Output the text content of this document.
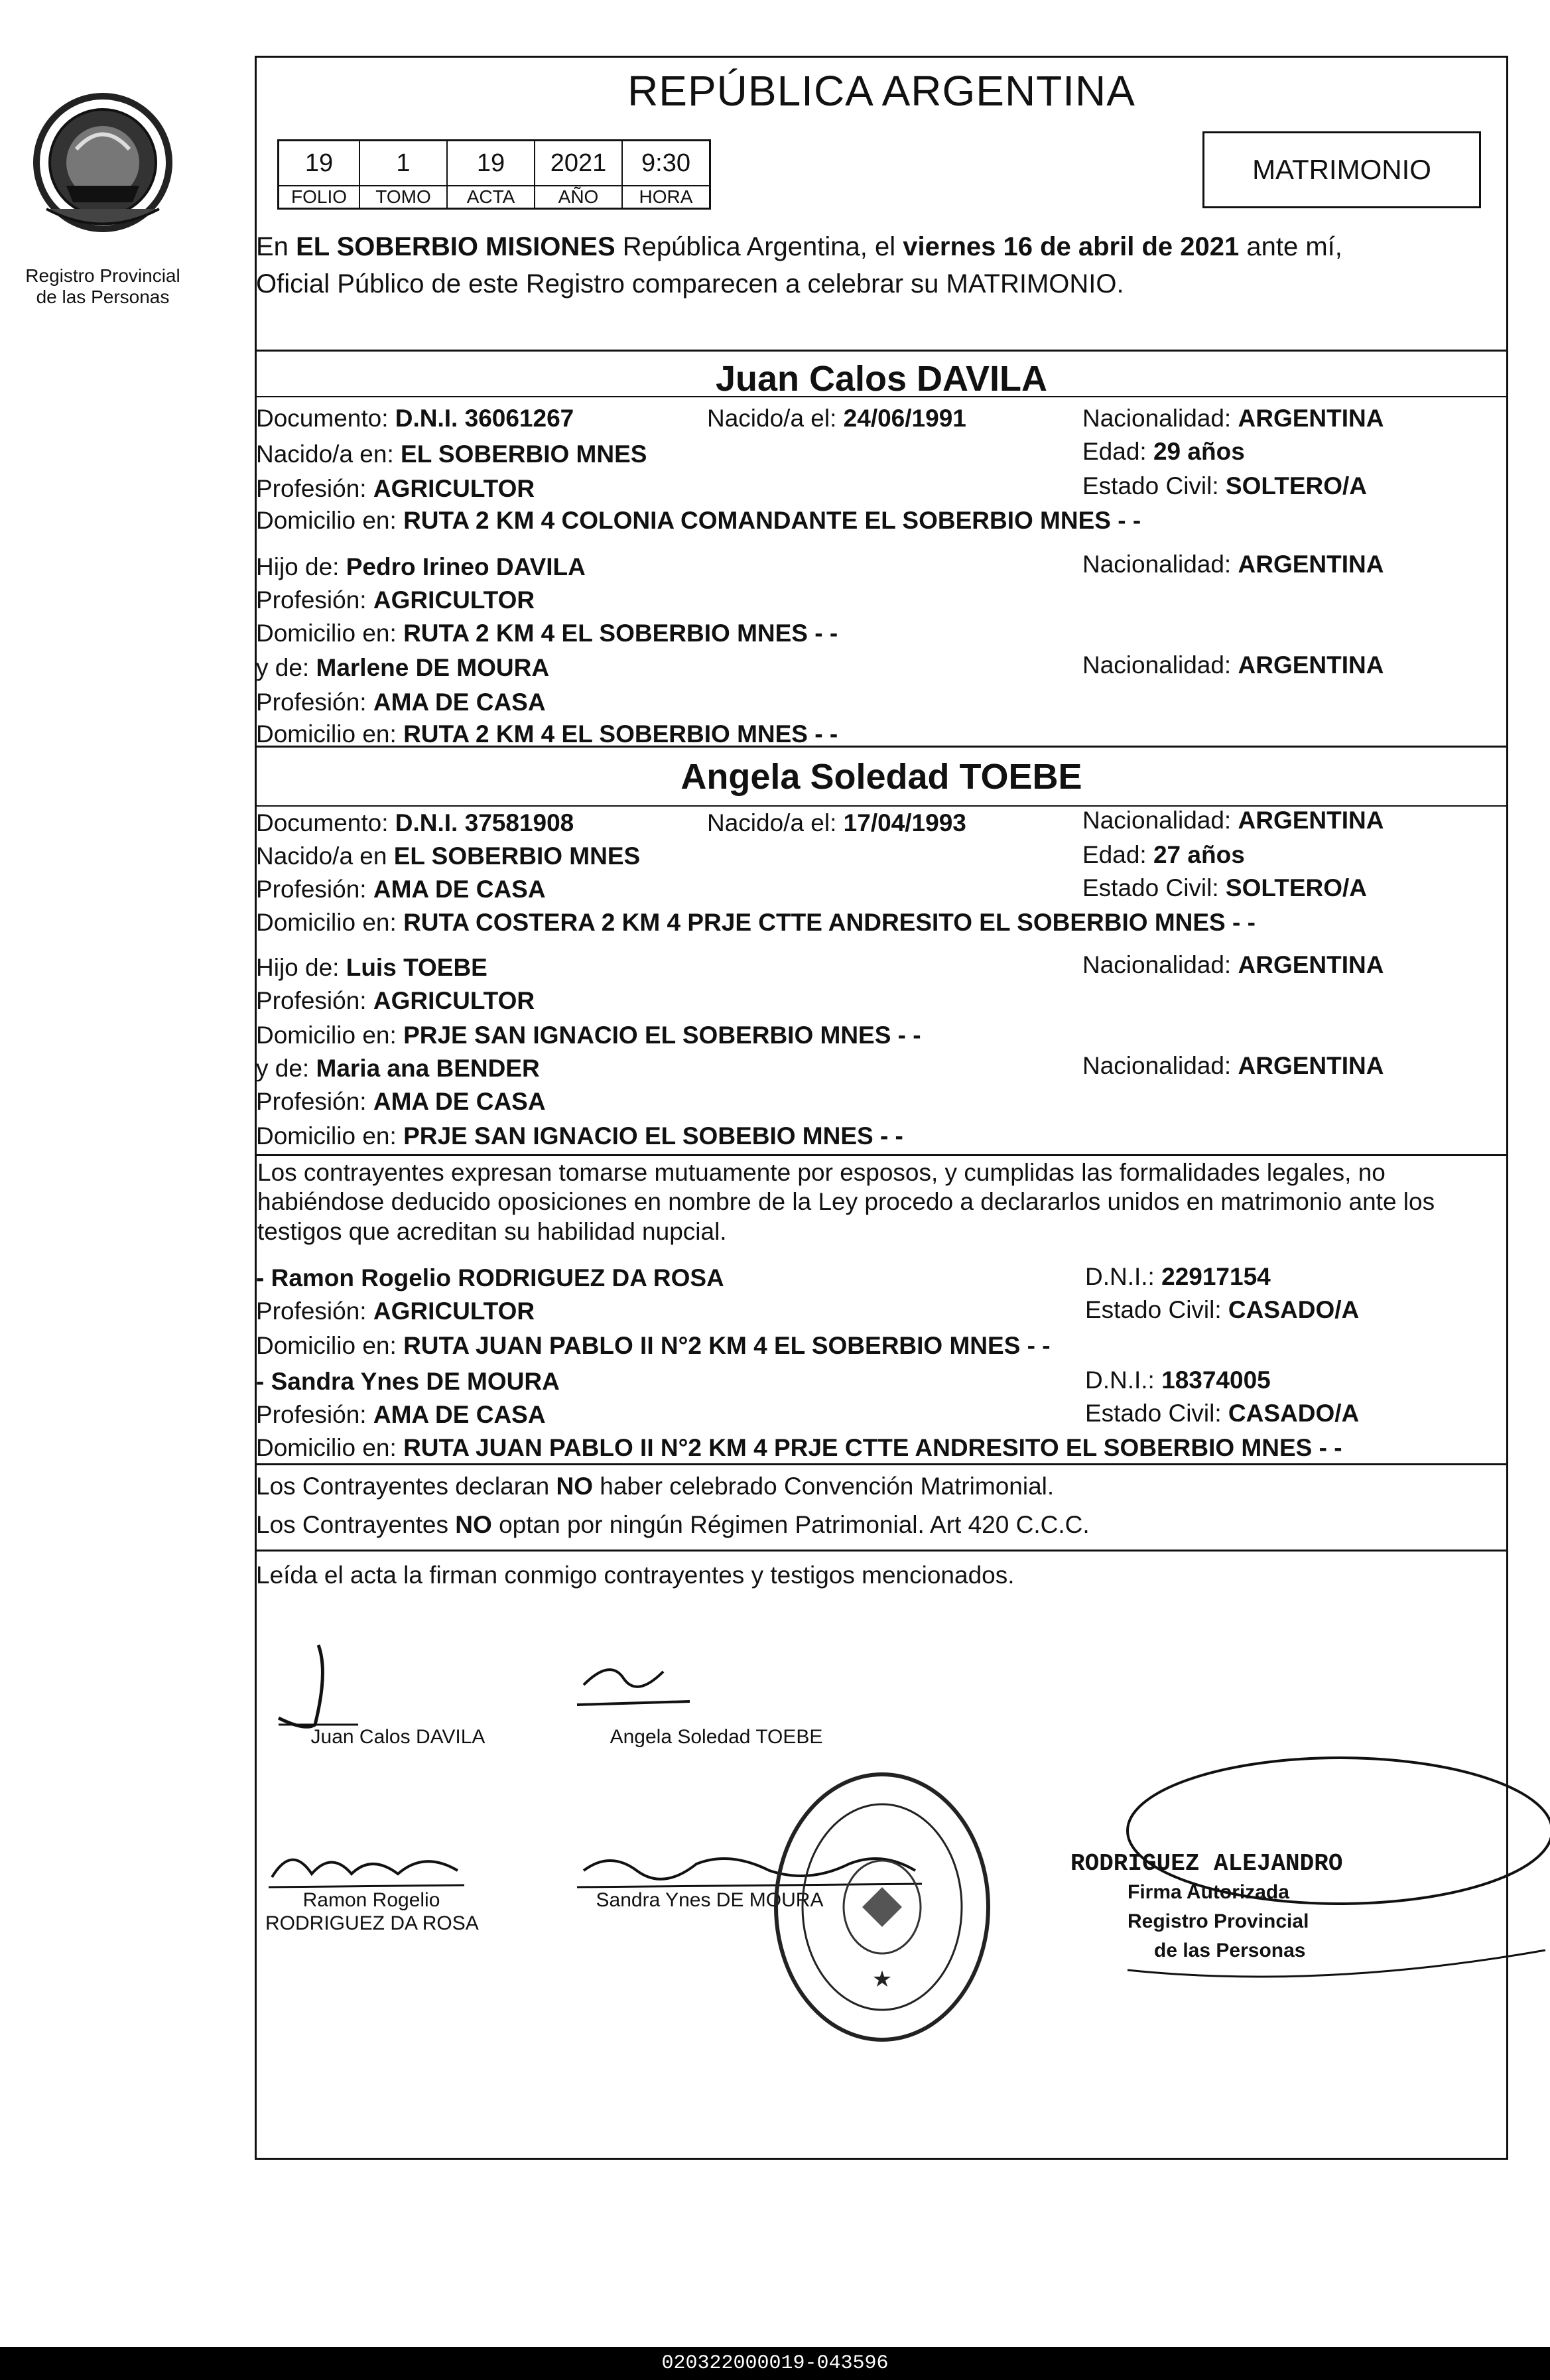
Registro Provincial
de las Personas
REPÚBLICA ARGENTINA
19	1	19	2021	9:30
FOLIO	TOMO	ACTA	AÑO	HORA
MATRIMONIO
En EL SOBERBIO MISIONES República Argentina, el viernes 16 de abril de 2021 ante mí,
Oficial Público de este Registro comparecen a celebrar su MATRIMONIO.
Juan Calos DAVILA
Documento: D.N.I. 36061267	Nacido/a el: 24/06/1991	Nacionalidad: ARGENTINA
Nacido/a en: EL SOBERBIO MNES	Edad: 29 años
Profesión: AGRICULTOR	Estado Civil: SOLTERO/A
Domicilio en: RUTA 2 KM 4 COLONIA COMANDANTE EL SOBERBIO MNES - -
Hijo de: Pedro Irineo DAVILA	Nacionalidad: ARGENTINA
Profesión: AGRICULTOR
Domicilio en: RUTA 2 KM 4 EL SOBERBIO MNES - -
y de: Marlene DE MOURA	Nacionalidad: ARGENTINA
Profesión: AMA DE CASA
Domicilio en: RUTA 2 KM 4 EL SOBERBIO MNES - -
Angela Soledad TOEBE
Documento: D.N.I. 37581908	Nacido/a el: 17/04/1993	Nacionalidad: ARGENTINA
Nacido/a en EL SOBERBIO MNES	Edad: 27 años
Profesión: AMA DE CASA	Estado Civil: SOLTERO/A
Domicilio en: RUTA COSTERA 2 KM 4 PRJE CTTE ANDRESITO EL SOBERBIO MNES - -
Hijo de: Luis TOEBE	Nacionalidad: ARGENTINA
Profesión: AGRICULTOR
Domicilio en: PRJE SAN IGNACIO EL SOBERBIO MNES - -
y de: Maria ana BENDER	Nacionalidad: ARGENTINA
Profesión: AMA DE CASA
Domicilio en: PRJE SAN IGNACIO EL SOBEBIO MNES - -
Los contrayentes expresan tomarse mutuamente por esposos, y cumplidas las formalidades legales, no habiéndose deducido oposiciones en nombre de la Ley procedo a declararlos unidos en matrimonio ante los testigos que acreditan su habilidad nupcial.
- Ramon Rogelio RODRIGUEZ DA ROSA	D.N.I.: 22917154
Profesión: AGRICULTOR	Estado Civil: CASADO/A
Domicilio en: RUTA JUAN PABLO II N°2 KM 4 EL SOBERBIO MNES - -
- Sandra Ynes DE MOURA	D.N.I.: 18374005
Profesión: AMA DE CASA	Estado Civil: CASADO/A
Domicilio en: RUTA JUAN PABLO II N°2 KM 4 PRJE CTTE ANDRESITO EL SOBERBIO MNES - -
Los Contrayentes declaran NO haber celebrado Convención Matrimonial.
Los Contrayentes NO optan por ningún Régimen Patrimonial. Art 420 C.C.C.
Leída el acta la firman conmigo contrayentes y testigos mencionados.
Juan Calos DAVILA	Angela Soledad TOEBE
Ramon Rogelio
RODRIGUEZ DA ROSA
Sandra Ynes DE MOURA
★
RODRIGUEZ ALEJANDRO
Firma Autorizada
Registro Provincial
de las Personas
020322000019-043596
